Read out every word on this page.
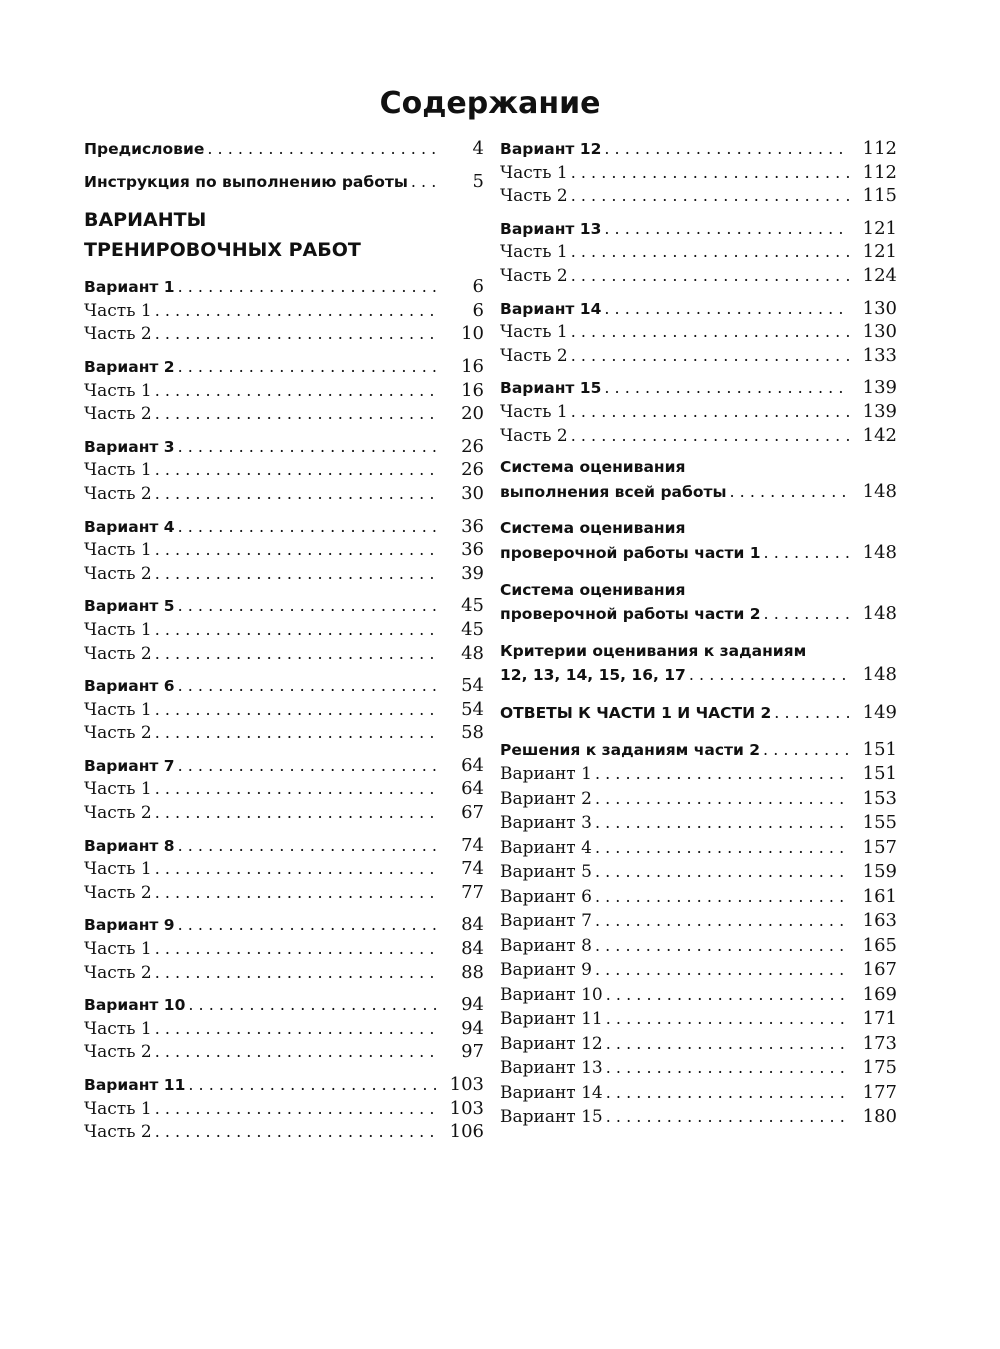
Содержание
Предисловие . . .	4
Инструкция по выполнению работы . . .	5
ВАРИАНТЫ
ТРЕНИРОВОЧНЫХ РАБОТ
Вариант 1 . . .	6
Часть 1 . . .	6
Часть 2 . . .	10
Вариант 2 . . .	16
Часть 1 . . .	16
Часть 2 . . .	20
Вариант 3 . . .	26
Часть 1 . . .	26
Часть 2 . . .	30
Вариант 4 . . .	36
Часть 1 . . .	36
Часть 2 . . .	39
Вариант 5 . . .	45
Часть 1 . . .	45
Часть 2 . . .	48
Вариант 6 . . .	54
Часть 1 . . .	54
Часть 2 . . .	58
Вариант 7 . . .	64
Часть 1 . . .	64
Часть 2 . . .	67
Вариант 8 . . .	74
Часть 1 . . .	74
Часть 2 . . .	77
Вариант 9 . . .	84
Часть 1 . . .	84
Часть 2 . . .	88
Вариант 10 . . .	94
Часть 1 . . .	94
Часть 2 . . .	97
Вариант 11 . . .	103
Часть 1 . . .	103
Часть 2 . . .	106
Вариант 12 . . .	112
Часть 1 . . .	112
Часть 2 . . .	115
Вариант 13 . . .	121
Часть 1 . . .	121
Часть 2 . . .	124
Вариант 14 . . .	130
Часть 1 . . .	130
Часть 2 . . .	133
Вариант 15 . . .	139
Часть 1 . . .	139
Часть 2 . . .	142
Система оценивания
выполнения всей работы . . .	148
Система оценивания
проверочной работы части 1 . . .	148
Система оценивания
проверочной работы части 2 . . .	148
Критерии оценивания к заданиям
12, 13, 14, 15, 16, 17 . . .	148
ОТВЕТЫ К ЧАСТИ 1 И ЧАСТИ 2 . . .	149
Решения к заданиям части 2 . . .	151
Вариант 1 . . .	151
Вариант 2 . . .	153
Вариант 3 . . .	155
Вариант 4 . . .	157
Вариант 5 . . .	159
Вариант 6 . . .	161
Вариант 7 . . .	163
Вариант 8 . . .	165
Вариант 9 . . .	167
Вариант 10 . . .	169
Вариант 11 . . .	171
Вариант 12 . . .	173
Вариант 13 . . .	175
Вариант 14 . . .	177
Вариант 15 . . .	180
